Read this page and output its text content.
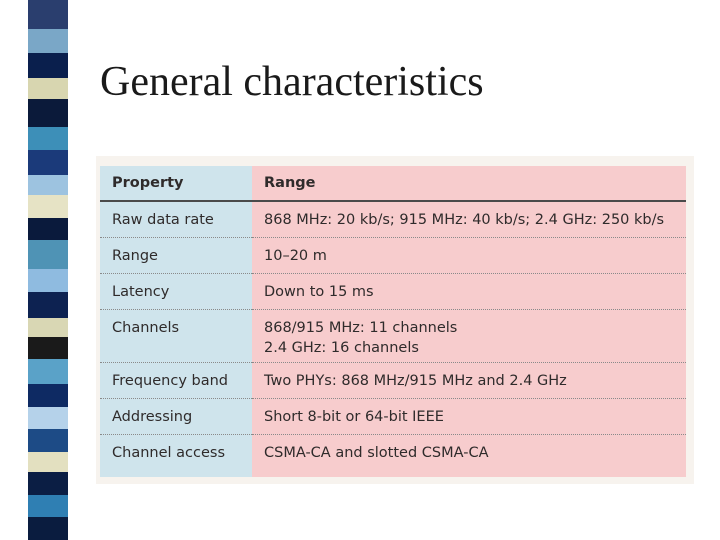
General characteristics
Property	Range
Raw data rate	868 MHz: 20 kb/s; 915 MHz: 40 kb/s; 2.4 GHz: 250 kb/s

Range	10–20 m

Latency	Down to 15 ms

Channels	868/915 MHz: 11 channels
2.4 GHz: 16 channels

Frequency band	Two PHYs: 868 MHz/915 MHz and 2.4 GHz

Addressing	Short 8-bit or 64-bit IEEE

Channel access	CSMA-CA and slotted CSMA-CA
